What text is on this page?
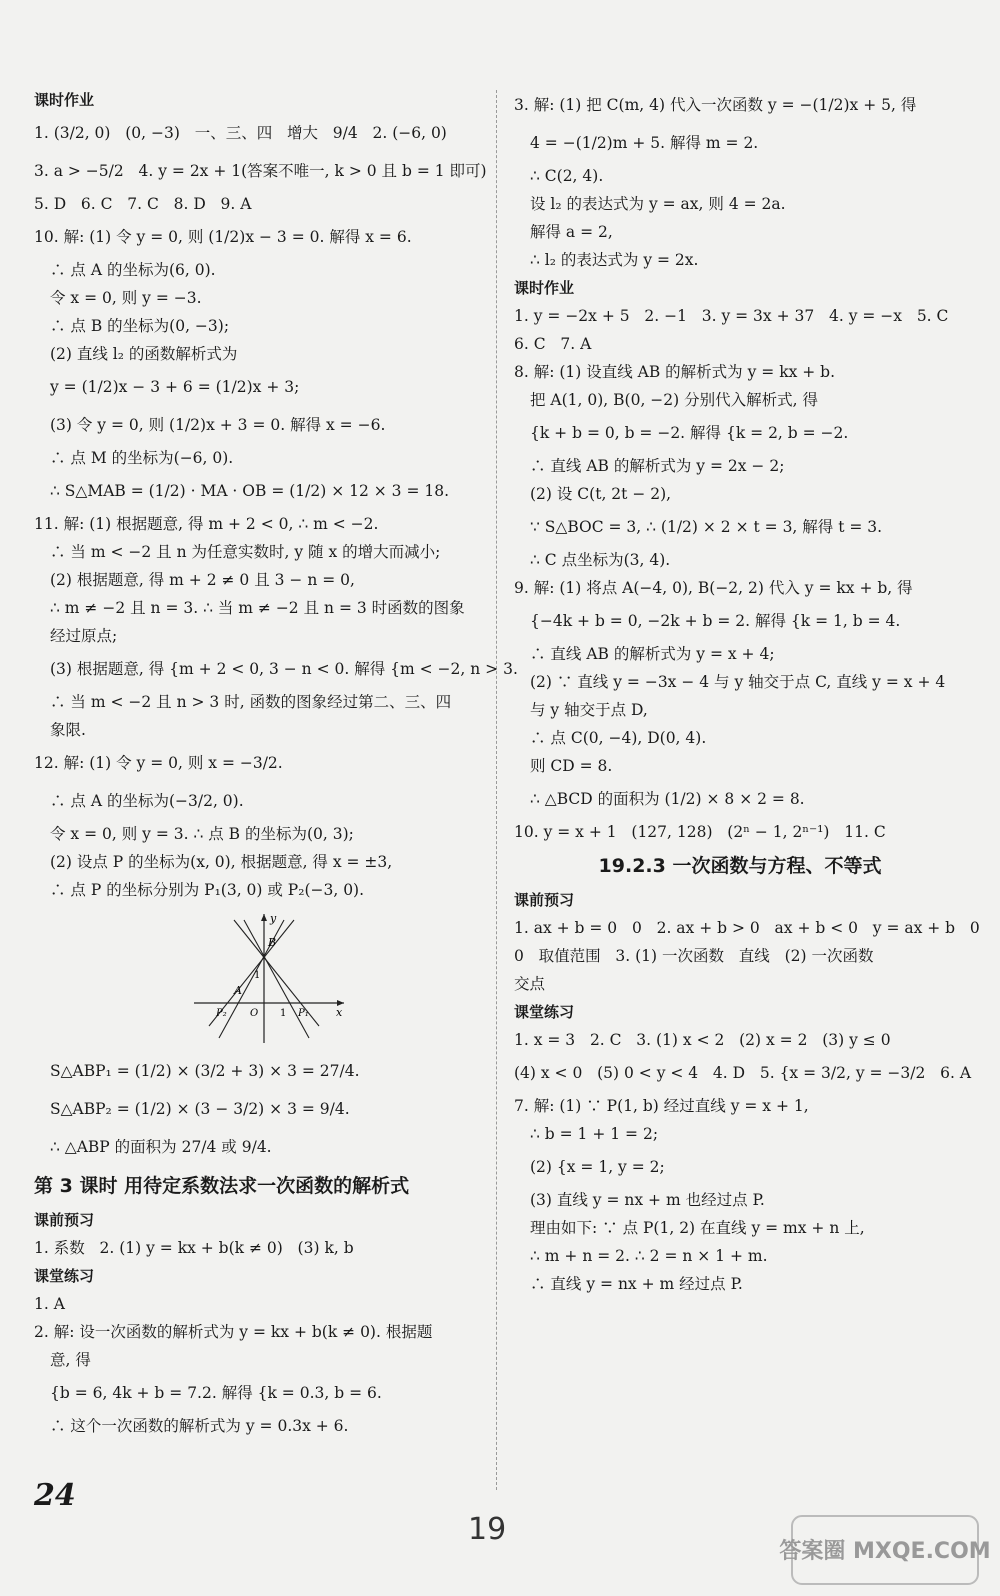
课时作业
1. (3/2, 0)   (0, −3)   一、三、四   增大   9/4   2. (−6, 0)
3. a > −5/2   4. y = 2x + 1(答案不唯一, k > 0 且 b = 1 即可)
5. D   6. C   7. C   8. D   9. A
10. 解: (1) 令 y = 0, 则 (1/2)x − 3 = 0. 解得 x = 6.
∴ 点 A 的坐标为(6, 0).
令 x = 0, 则 y = −3.
∴ 点 B 的坐标为(0, −3);
(2) 直线 l₂ 的函数解析式为
y = (1/2)x − 3 + 6 = (1/2)x + 3;
(3) 令 y = 0, 则 (1/2)x + 3 = 0. 解得 x = −6.
∴ 点 M 的坐标为(−6, 0).
∴ S△MAB = (1/2) · MA · OB = (1/2) × 12 × 3 = 18.
11. 解: (1) 根据题意, 得 m + 2 < 0, ∴ m < −2.
∴ 当 m < −2 且 n 为任意实数时, y 随 x 的增大而减小;
(2) 根据题意, 得 m + 2 ≠ 0 且 3 − n = 0,
∴ m ≠ −2 且 n = 3. ∴ 当 m ≠ −2 且 n = 3 时函数的图象
经过原点;
(3) 根据题意, 得 {m + 2 < 0, 3 − n < 0. 解得 {m < −2, n > 3.
∴ 当 m < −2 且 n > 3 时, 函数的图象经过第二、三、四
象限.
12. 解: (1) 令 y = 0, 则 x = −3/2.
∴ 点 A 的坐标为(−3/2, 0).
令 x = 0, 则 y = 3. ∴ 点 B 的坐标为(0, 3);
(2) 设点 P 的坐标为(x, 0), 根据题意, 得 x = ±3,
∴ 点 P 的坐标分别为 P₁(3, 0) 或 P₂(−3, 0).
y
B
A
1
P₂ O 1 P₁ x
S△ABP₁ = (1/2) × (3/2 + 3) × 3 = 27/4.
S△ABP₂ = (1/2) × (3 − 3/2) × 3 = 9/4.
∴ △ABP 的面积为 27/4 或 9/4.
第 3 课时 用待定系数法求一次函数的解析式
课前预习
1. 系数   2. (1) y = kx + b(k ≠ 0)   (3) k, b
课堂练习
1. A
2. 解: 设一次函数的解析式为 y = kx + b(k ≠ 0). 根据题
意, 得
{b = 6, 4k + b = 7.2. 解得 {k = 0.3, b = 6.
∴ 这个一次函数的解析式为 y = 0.3x + 6.
3. 解: (1) 把 C(m, 4) 代入一次函数 y = −(1/2)x + 5, 得
4 = −(1/2)m + 5. 解得 m = 2.
∴ C(2, 4).
设 l₂ 的表达式为 y = ax, 则 4 = 2a.
解得 a = 2,
∴ l₂ 的表达式为 y = 2x.
课时作业
1. y = −2x + 5   2. −1   3. y = 3x + 37   4. y = −x   5. C
6. C   7. A
8. 解: (1) 设直线 AB 的解析式为 y = kx + b.
把 A(1, 0), B(0, −2) 分别代入解析式, 得
{k + b = 0, b = −2. 解得 {k = 2, b = −2.
∴ 直线 AB 的解析式为 y = 2x − 2;
(2) 设 C(t, 2t − 2),
∵ S△BOC = 3, ∴ (1/2) × 2 × t = 3, 解得 t = 3.
∴ C 点坐标为(3, 4).
9. 解: (1) 将点 A(−4, 0), B(−2, 2) 代入 y = kx + b, 得
{−4k + b = 0, −2k + b = 2. 解得 {k = 1, b = 4.
∴ 直线 AB 的解析式为 y = x + 4;
(2) ∵ 直线 y = −3x − 4 与 y 轴交于点 C, 直线 y = x + 4
与 y 轴交于点 D,
∴ 点 C(0, −4), D(0, 4).
则 CD = 8.
∴ △BCD 的面积为 (1/2) × 8 × 2 = 8.
10. y = x + 1   (127, 128)   (2ⁿ − 1, 2ⁿ⁻¹)   11. C
19.2.3 一次函数与方程、不等式
课前预习
1. ax + b = 0   0   2. ax + b > 0   ax + b < 0   y = ax + b   0
0   取值范围   3. (1) 一次函数   直线   (2) 一次函数
交点
课堂练习
1. x = 3   2. C   3. (1) x < 2   (2) x = 2   (3) y ≤ 0
(4) x < 0   (5) 0 < y < 4   4. D   5. {x = 3/2, y = −3/2   6. A
7. 解: (1) ∵ P(1, b) 经过直线 y = x + 1,
∴ b = 1 + 1 = 2;
(2) {x = 1, y = 2;
(3) 直线 y = nx + m 也经过点 P.
理由如下: ∵ 点 P(1, 2) 在直线 y = mx + n 上,
∴ m + n = 2. ∴ 2 = n × 1 + m.
∴ 直线 y = nx + m 经过点 P.
24
19
答案圈 MXQE.COM
